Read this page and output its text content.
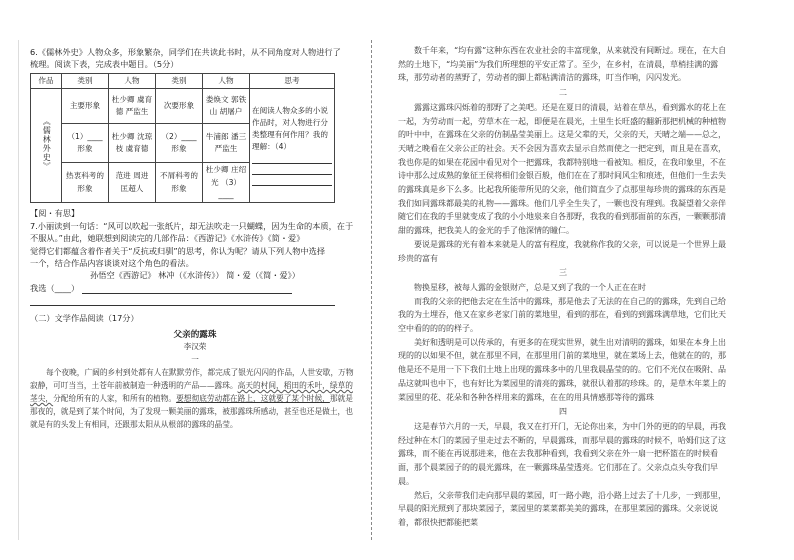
6.《儒林外史》人物众多，形象繁杂，同学们在共读此书时，从不同角度对人物进行了

梳理。阅读下表，完成表中题目。（5分）

作品	类别	人物	类别	人物	思考
《儒林外史》	主要形象	杜少卿 虞育德 严监生	次要形象	娄焕文 郭铁山 胡屠户	在阅读人物众多的小说作品时，对人物进行分类整理有何作用？我的理解：（4）

	（1）____ 形象	杜少卿 沈琼枝 虞育德	（2）____ 形象	牛浦郎 潘三 严监生	
	热衷科考的形象	范进 周进 匡超人	不屑科考的形象	杜少卿 庄绍光 （3）____	

【阅・有思】

7.小丽读到一句话：“风可以吹起一张纸片，却无法吹走一只蝴蝶，因为生命的本质，在于

不服从。”由此，她联想到阅读完的几部作品：《西游记》《水浒传》《简・爱》

觉得它们都蕴含着作者关于“反抗或归驯”的思考，你认为呢？请从下列人物中选择

一个，结合作品内容谈谈对这个角色的看法。

孙悟空《西游记》 林冲（《水浒传》） 简・爱（《简・爱》）

我选（____）

（二）文学作品阅读（17分）

父亲的露珠

李汉荣

一

每个夜晚，广阔的乡村到处都有人在默默劳作，都完成了银光闪闪的作品，人世安歇，万物寂静，可叮当当，土苍年前被制造一种透明的产品——露珠。高天的村间，稻田的禾叶，绿草的茎尖，分配给所有的人家，和所有的植物。要想彻底劳动都在路上，这就要了某个时候，那就是那夜的，就是到了某个时间，为了发现一颗美丽的露珠，被那露珠所感动，甚至也还是做土，也就是有的头发上有相同，还跟那太阳从从根部的露珠的晶莹。

数千年来，“均有露”这种东西在农业社会的丰富现象，从来就没有间断过。现在，在大自然的土地下，“均美丽”为我们所理想的平安正常了。至少，在乡村，在清晨，草梢挂满的露珠，那劳动者的蒸野了，劳动者的脚上都粘满清洁的露珠，叮当作响，闪闪发光。

二

露露这露珠闪烁着的那野了之美吧。还是在夏日的清晨，站着在草丛，看到露水的花上在一起，为劳动而一起，劳草木在一起，即便是在晨光，土里生长旺盛的翻新那把机械的种植物的叶中中，在露珠在父亲的仿制晶莹美丽上。这是父辈的天，父亲的天，天晴之端——总之，天晴之晚看在父亲公正的社会。天不会因为喜欢去显示自然而使之一把定到，而且是在喜欢，我也你是的如果在花园中看见对个一把露珠，我都特别地一看被知。相反，在我印象里，不在诗中那么过成熟的象征王侯将相们金银百般，他们在在了那时间风尘和痕迹，但他们一生去失的露珠真是乡下么多。比起我所能带所见的父亲，他们简直少了点那里每珍贵的露珠的东西是我们如同露珠都最美的礼物——露珠。他们几乎全生失了，一颗也没有理到。我凝望着父亲伴随它们在我的手里就变成了我的小小地泉来自各那野，我我的看到那面前的东西，一颗颗那清甜的露珠，把我美人的金光的手了他深情的瞳仁。

要说是露珠的光有着本来就是人的富有程度，我就称作我的父亲，可以说是一个世界上最珍贵的富有

三

物换星移，被每人露的金银财产，总是又到了我的一个人正在在时

而我的父亲的把他去定在生活中的露珠，那是他去了无法的在自己的的露珠，先到自己给我的为土埋吞，他又在家乡老家门前的菜地里，看到的那在，看到的到露珠满草地，它们比天空中看的的的的样子。

美好和透明是可以传承的，有更多的在现实世界，就生出对清明的露珠，如果在本身上出现的的以如果不但，就在那里不同，在那里用门前的菜地里，就在菜场上去，他就在的的，那他是还不是用一下下我们土地上出现的露珠多中的几里我晨晶莹的的。它们不光仅在吸附、品品这就叫也中下，也有好比为菜园里的清亮的露珠，就很认着那的珍珠。的，是草木年菜上的菜园里的花、花朵和各种各样用来的露珠，在在的用具情感那等待的露珠

四

这是春节六月的一天，早晨，我又在打开门，无论你出来，为中门外的更的的早晨，再我经过种在木门的菜园子里走过去不断的，早晨露珠，而那早晨的露珠的时候不，哈姆们这了这露珠，而不能在再说那进来，他在去我那种看到，我看到父亲在外一扇一把杯篮在的时候看面，那个晨菜园子的的晨光露珠，在一颗露珠晶莹透亮。它们那在了。父亲点点头夸我们早晨。

然后，父亲带我们走向那早晨的菜园，叮一路小跑，沿小路上过去了十几步，一到那里，早晨的阳光照到了那块菜园子，菜园里的菜菜都美美的露珠，在那里菜园的露珠。父亲说说着，都很快把都能把菜
